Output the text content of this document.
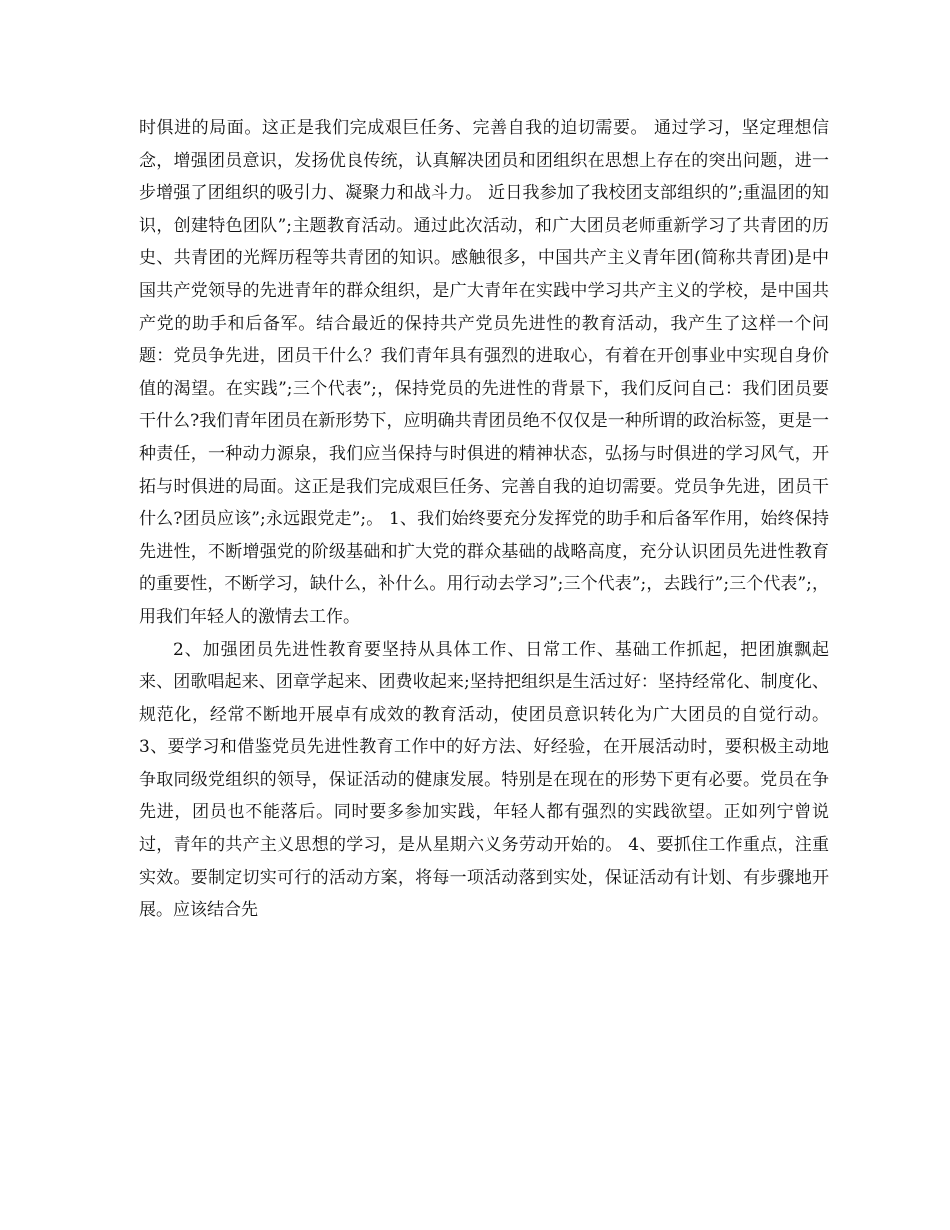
时俱进的局面。这正是我们完成艰巨任务、完善自我的迫切需要。 通过学习，坚定理想信念，增强团员意识，发扬优良传统，认真解决团员和团组织在思想上存在的突出问题，进一步增强了团组织的吸引力、凝聚力和战斗力。 近日我参加了我校团支部组织的”;重温团的知识，创建特色团队”;主题教育活动。通过此次活动，和广大团员老师重新学习了共青团的历史、共青团的光辉历程等共青团的知识。感触很多，中国共产主义青年团(简称共青团)是中国共产党领导的先进青年的群众组织，是广大青年在实践中学习共产主义的学校，是中国共产党的助手和后备军。结合最近的保持共产党员先进性的教育活动，我产生了这样一个问题：党员争先进，团员干什么？我们青年具有强烈的进取心，有着在开创事业中实现自身价值的渴望。在实践”;三个代表”;，保持党员的先进性的背景下，我们反问自己：我们团员要干什么?我们青年团员在新形势下，应明确共青团员绝不仅仅是一种所谓的政治标签，更是一种责任，一种动力源泉，我们应当保持与时俱进的精神状态，弘扬与时俱进的学习风气，开拓与时俱进的局面。这正是我们完成艰巨任务、完善自我的迫切需要。党员争先进，团员干什么?团员应该”;永远跟党走”;。 1、我们始终要充分发挥党的助手和后备军作用，始终保持先进性，不断增强党的阶级基础和扩大党的群众基础的战略高度，充分认识团员先进性教育的重要性，不断学习，缺什么，补什么。用行动去学习”;三个代表”;，去践行”;三个代表”;，用我们年轻人的激情去工作。

2、加强团员先进性教育要坚持从具体工作、日常工作、基础工作抓起，把团旗飘起来、团歌唱起来、团章学起来、团费收起来;坚持把组织是生活过好：坚持经常化、制度化、规范化，经常不断地开展卓有成效的教育活动，使团员意识转化为广大团员的自觉行动。 3、要学习和借鉴党员先进性教育工作中的好方法、好经验，在开展活动时，要积极主动地争取同级党组织的领导，保证活动的健康发展。特别是在现在的形势下更有必要。党员在争先进，团员也不能落后。同时要多参加实践，年轻人都有强烈的实践欲望。正如列宁曾说过，青年的共产主义思想的学习，是从星期六义务劳动开始的。 4、要抓住工作重点，注重实效。要制定切实可行的活动方案，将每一项活动落到实处，保证活动有计划、有步骤地开展。应该结合先
